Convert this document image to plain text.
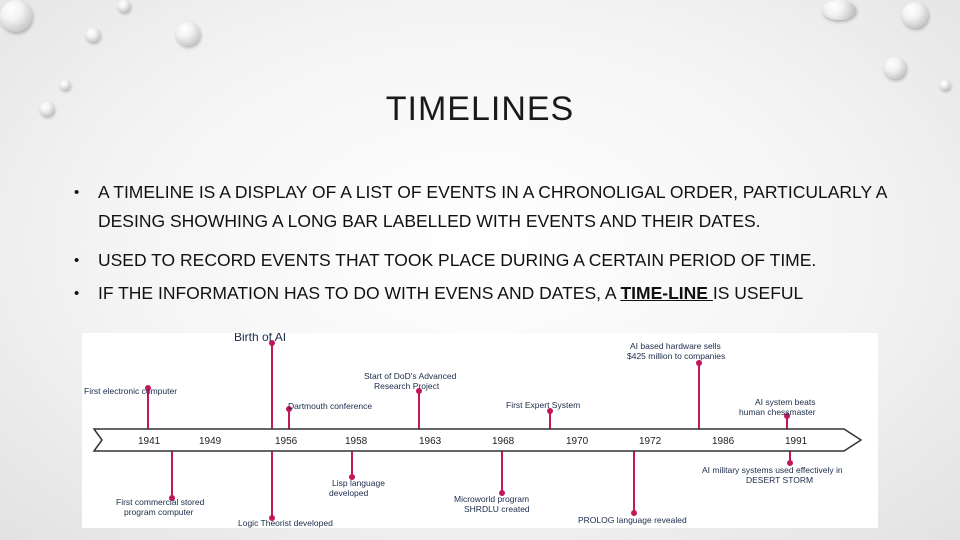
TIMELINES
• A TIMELINE IS A DISPLAY OF A LIST OF EVENTS IN A CHRONOLIGAL ORDER, PARTICULARLY A DESING SHOWHING A LONG BAR LABELLED WITH EVENTS AND THEIR DATES.
• USED TO RECORD EVENTS THAT TOOK PLACE DURING A CERTAIN PERIOD OF TIME.
• IF THE INFORMATION HAS TO DO WITH EVENS AND DATES, A TIME-LINE IS USEFUL
1941	1949	1956	1958	1963	1968	1970	1972	1986	1991
Birth of AI
First electronic computer
Dartmouth conference
Start of DoD's Advanced Research Project
First Expert System
AI based hardware sells $425 million to companies
AI system beats human chessmaster
First commercial stored program computer
Logic Theorist developed
Lisp language developed
Microworld program SHRDLU created
PROLOG language revealed
AI military systems used effectively in DESERT STORM
